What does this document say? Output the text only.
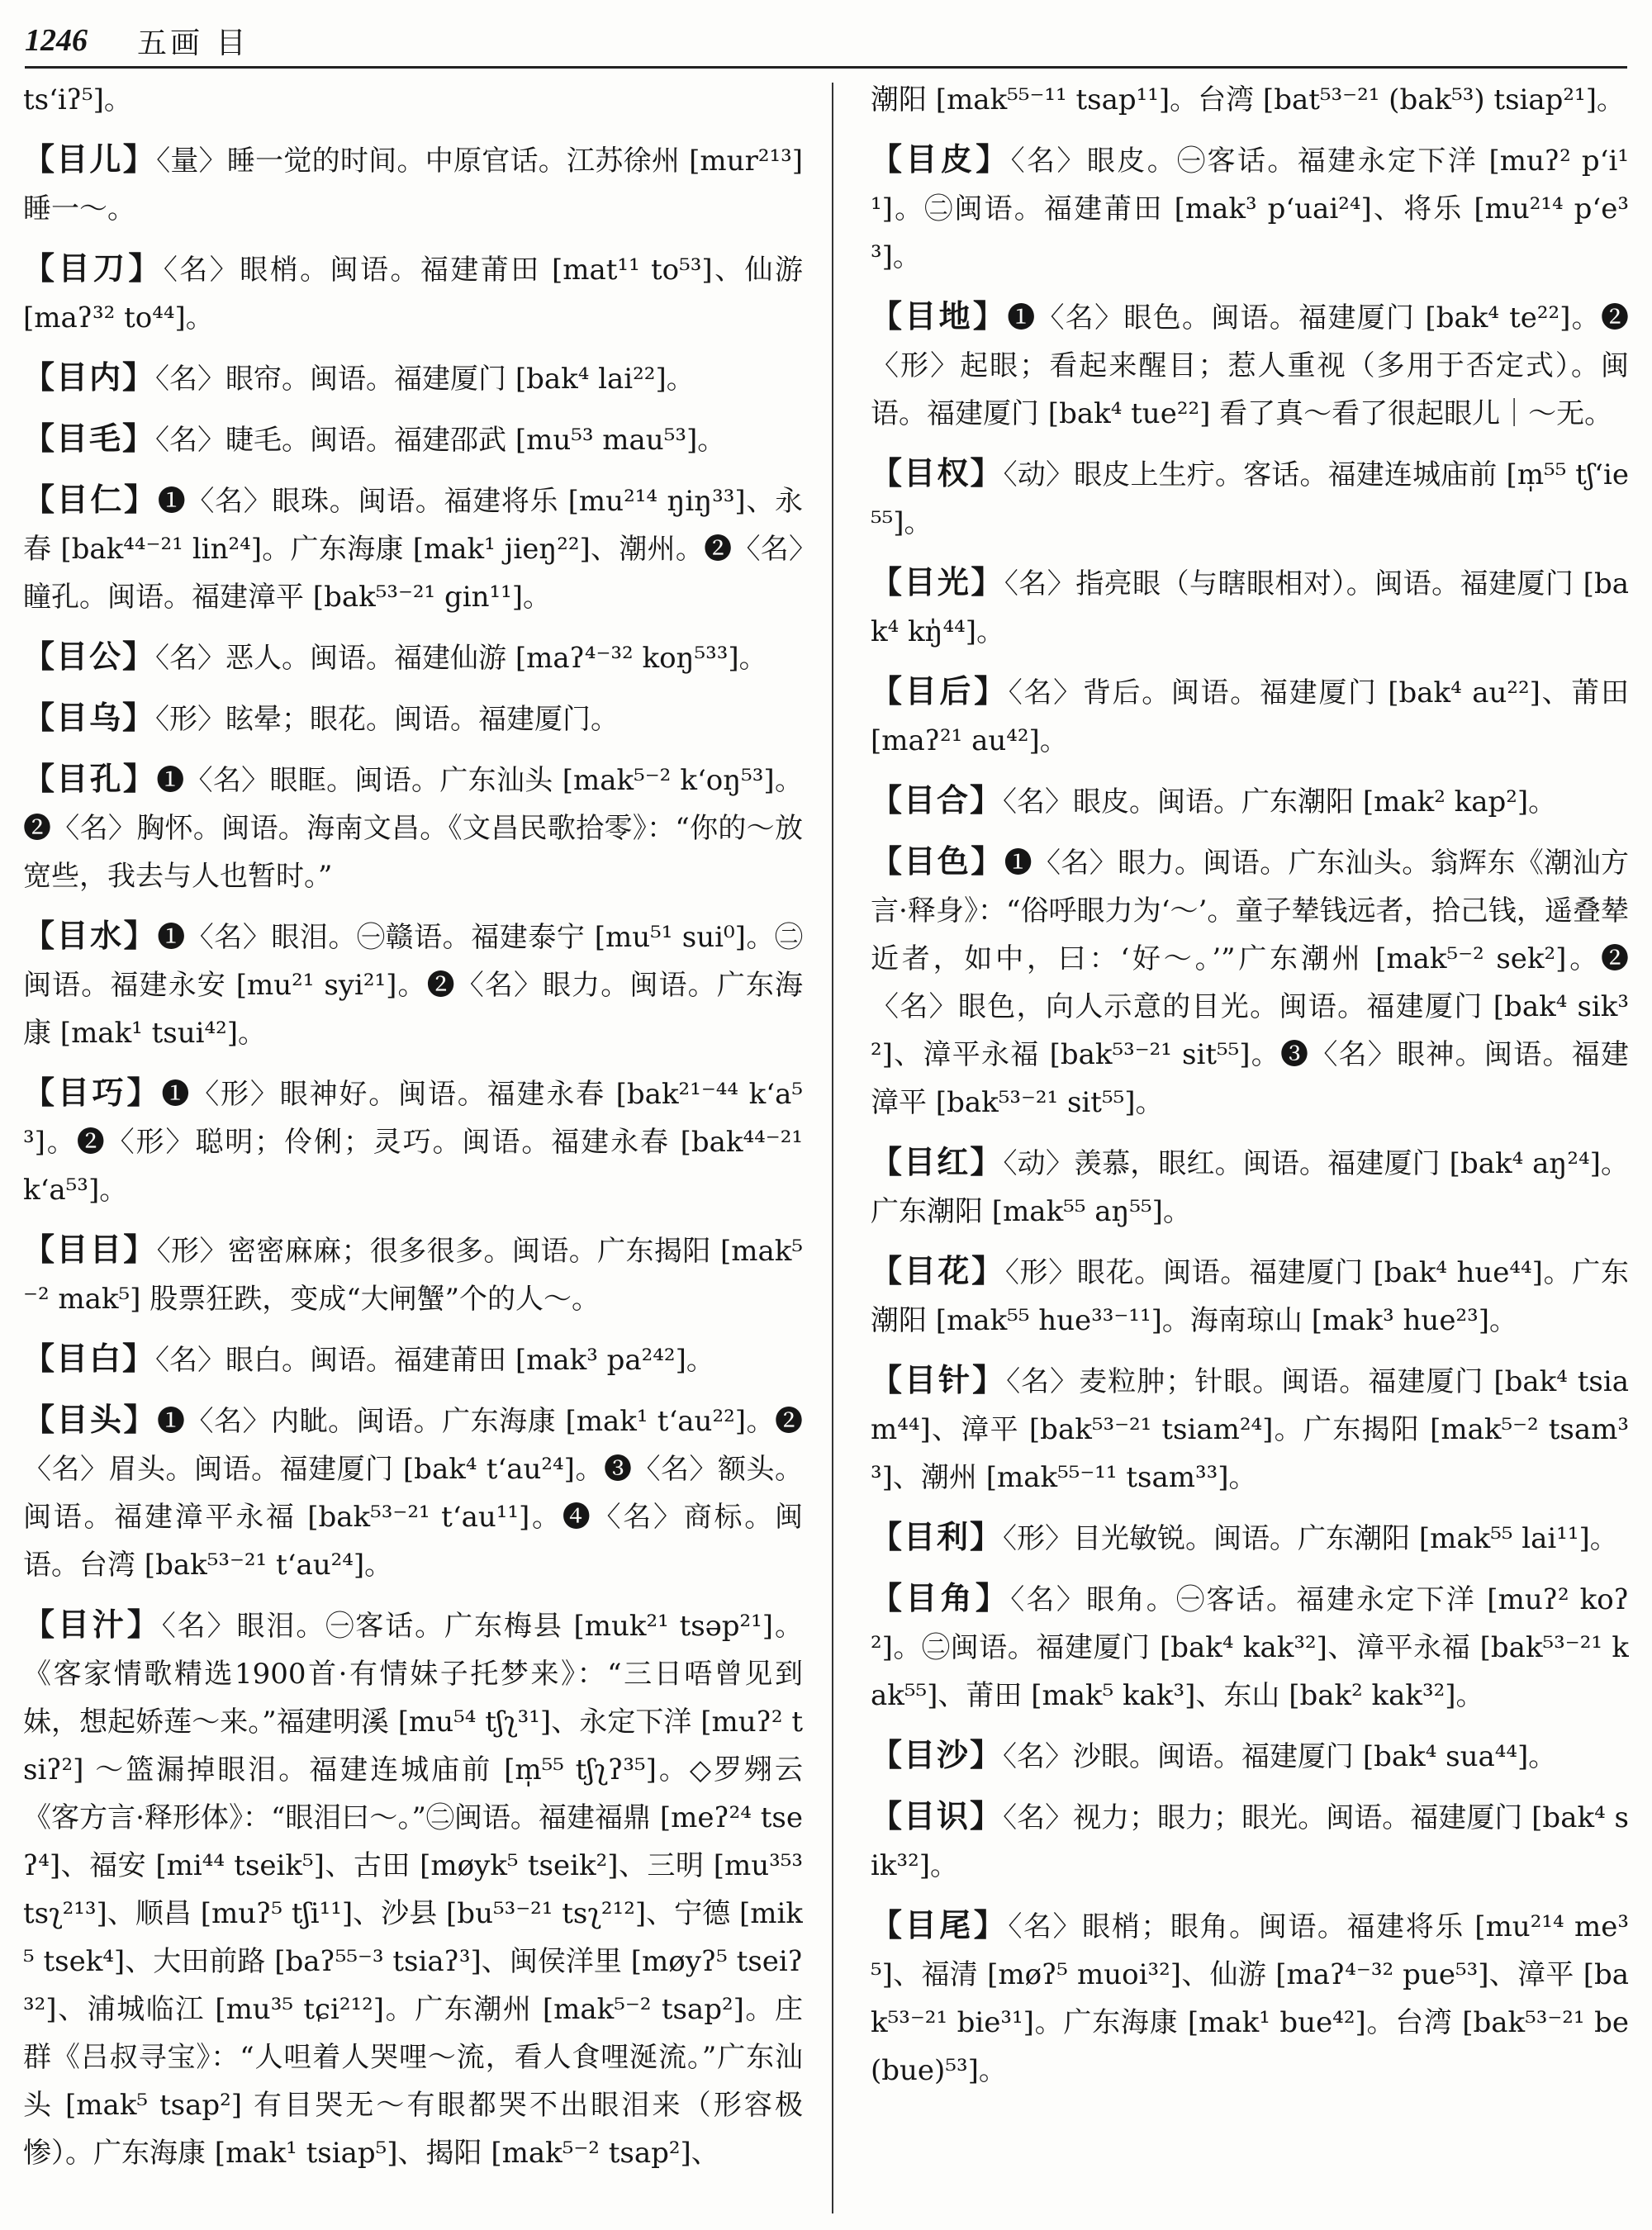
1246 五画 目
ts‘iʔ⁵]。
【目儿】〈量〉睡一觉的时间。中原官话。江苏徐州 [mur²¹³] 睡一～。
【目刀】〈名〉眼梢。闽语。福建莆田 [mat¹¹ to⁵³]、仙游 [maʔ³² to⁴⁴]。
【目内】〈名〉眼帘。闽语。福建厦门 [bak⁴ lai²²]。
【目毛】〈名〉睫毛。闽语。福建邵武 [mu⁵³ mau⁵³]。
【目仁】❶〈名〉眼珠。闽语。福建将乐 [mu²¹⁴ ŋiŋ³³]、永春 [bak⁴⁴⁻²¹ lin²⁴]。广东海康 [mak¹ jieŋ²²]、潮州。❷〈名〉瞳孔。闽语。福建漳平 [bak⁵³⁻²¹ gin¹¹]。
【目公】〈名〉恶人。闽语。福建仙游 [maʔ⁴⁻³² koŋ⁵³³]。
【目乌】〈形〉眩晕；眼花。闽语。福建厦门。
【目孔】❶〈名〉眼眶。闽语。广东汕头 [mak⁵⁻² k‘oŋ⁵³]。❷〈名〉胸怀。闽语。海南文昌。《文昌民歌拾零》：“你的～放宽些，我去与人也暂时。”
【目水】❶〈名〉眼泪。㊀赣语。福建泰宁 [mu⁵¹ sui⁰]。㊁闽语。福建永安 [mu²¹ syi²¹]。❷〈名〉眼力。闽语。广东海康 [mak¹ tsui⁴²]。
【目巧】❶〈形〉眼神好。闽语。福建永春 [bak²¹⁻⁴⁴ k‘a⁵³]。❷〈形〉聪明；伶俐；灵巧。闽语。福建永春 [bak⁴⁴⁻²¹ k‘a⁵³]。
【目目】〈形〉密密麻麻；很多很多。闽语。广东揭阳 [mak⁵⁻² mak⁵] 股票狂跌，变成“大闸蟹”个的人～。
【目白】〈名〉眼白。闽语。福建莆田 [mak³ pa²⁴²]。
【目头】❶〈名〉内眦。闽语。广东海康 [mak¹ t‘au²²]。❷〈名〉眉头。闽语。福建厦门 [bak⁴ t‘au²⁴]。❸〈名〉额头。闽语。福建漳平永福 [bak⁵³⁻²¹ t‘au¹¹]。❹〈名〉商标。闽语。台湾 [bak⁵³⁻²¹ t‘au²⁴]。
【目汁】〈名〉眼泪。㊀客话。广东梅县 [muk²¹ tsəp²¹]。《客家情歌精选1900首·有情妹子托梦来》：“三日唔曾见到妹，想起娇莲～来。”福建明溪 [mu⁵⁴ tʃʅ³¹]、永定下洋 [muʔ² tsiʔ²] ～篮漏掉眼泪。福建连城庙前 [m̩⁵⁵ tʃʅʔ³⁵]。◇罗翙云《客方言·释形体》：“眼泪曰～。”㊁闽语。福建福鼎 [meʔ²⁴ tseʔ⁴]、福安 [mi⁴⁴ tseik⁵]、古田 [møyk⁵ tseik²]、三明 [mu³⁵³ tsʅ²¹³]、顺昌 [muʔ⁵ tʃi¹¹]、沙县 [bu⁵³⁻²¹ tsʅ²¹²]、宁德 [mik⁵ tsek⁴]、大田前路 [baʔ⁵⁵⁻³ tsiaʔ³]、闽侯洋里 [møyʔ⁵ tseiʔ³²]、浦城临江 [mu³⁵ tɕi²¹²]。广东潮州 [mak⁵⁻² tsap²]。庄群《吕叔寻宝》：“人呾着人哭哩～流，看人食哩涎流。”广东汕头 [mak⁵ tsap²] 有目哭无～有眼都哭不出眼泪来（形容极惨）。广东海康 [mak¹ tsiap⁵]、揭阳 [mak⁵⁻² tsap²]、
潮阳 [mak⁵⁵⁻¹¹ tsap¹¹]。台湾 [bat⁵³⁻²¹ (bak⁵³) tsiap²¹]。
【目皮】〈名〉眼皮。㊀客话。福建永定下洋 [muʔ² p‘i¹¹]。㊁闽语。福建莆田 [mak³ p‘uai²⁴]、将乐 [mu²¹⁴ p‘e³³]。
【目地】❶〈名〉眼色。闽语。福建厦门 [bak⁴ te²²]。❷〈形〉起眼；看起来醒目；惹人重视（多用于否定式）。闽语。福建厦门 [bak⁴ tue²²] 看了真～看了很起眼儿｜～无。
【目权】〈动〉眼皮上生疔。客话。福建连城庙前 [m̩⁵⁵ tʃ‘ie⁵⁵]。
【目光】〈名〉指亮眼（与瞎眼相对）。闽语。福建厦门 [bak⁴ kŋ̍⁴⁴]。
【目后】〈名〉背后。闽语。福建厦门 [bak⁴ au²²]、莆田 [maʔ²¹ au⁴²]。
【目合】〈名〉眼皮。闽语。广东潮阳 [mak² kap²]。
【目色】❶〈名〉眼力。闽语。广东汕头。翁辉东《潮汕方言·释身》：“俗呼眼力为‘～’。童子辇钱远者，拾己钱，遥叠辇近者，如中，曰：‘好～。’”广东潮州 [mak⁵⁻² sek²]。❷〈名〉眼色，向人示意的目光。闽语。福建厦门 [bak⁴ sik³²]、漳平永福 [bak⁵³⁻²¹ sit⁵⁵]。❸〈名〉眼神。闽语。福建漳平 [bak⁵³⁻²¹ sit⁵⁵]。
【目红】〈动〉羡慕，眼红。闽语。福建厦门 [bak⁴ aŋ²⁴]。广东潮阳 [mak⁵⁵ aŋ⁵⁵]。
【目花】〈形〉眼花。闽语。福建厦门 [bak⁴ hue⁴⁴]。广东潮阳 [mak⁵⁵ hue³³⁻¹¹]。海南琼山 [mak³ hue²³]。
【目针】〈名〉麦粒肿；针眼。闽语。福建厦门 [bak⁴ tsiam⁴⁴]、漳平 [bak⁵³⁻²¹ tsiam²⁴]。广东揭阳 [mak⁵⁻² tsam³³]、潮州 [mak⁵⁵⁻¹¹ tsam³³]。
【目利】〈形〉目光敏锐。闽语。广东潮阳 [mak⁵⁵ lai¹¹]。
【目角】〈名〉眼角。㊀客话。福建永定下洋 [muʔ² koʔ²]。㊁闽语。福建厦门 [bak⁴ kak³²]、漳平永福 [bak⁵³⁻²¹ kak⁵⁵]、莆田 [mak⁵ kak³]、东山 [bak² kak³²]。
【目沙】〈名〉沙眼。闽语。福建厦门 [bak⁴ sua⁴⁴]。
【目识】〈名〉视力；眼力；眼光。闽语。福建厦门 [bak⁴ sik³²]。
【目尾】〈名〉眼梢；眼角。闽语。福建将乐 [mu²¹⁴ me³⁵]、福清 [møʔ⁵ muoi³²]、仙游 [maʔ⁴⁻³² pue⁵³]、漳平 [bak⁵³⁻²¹ bie³¹]。广东海康 [mak¹ bue⁴²]。台湾 [bak⁵³⁻²¹ be(bue)⁵³]。
